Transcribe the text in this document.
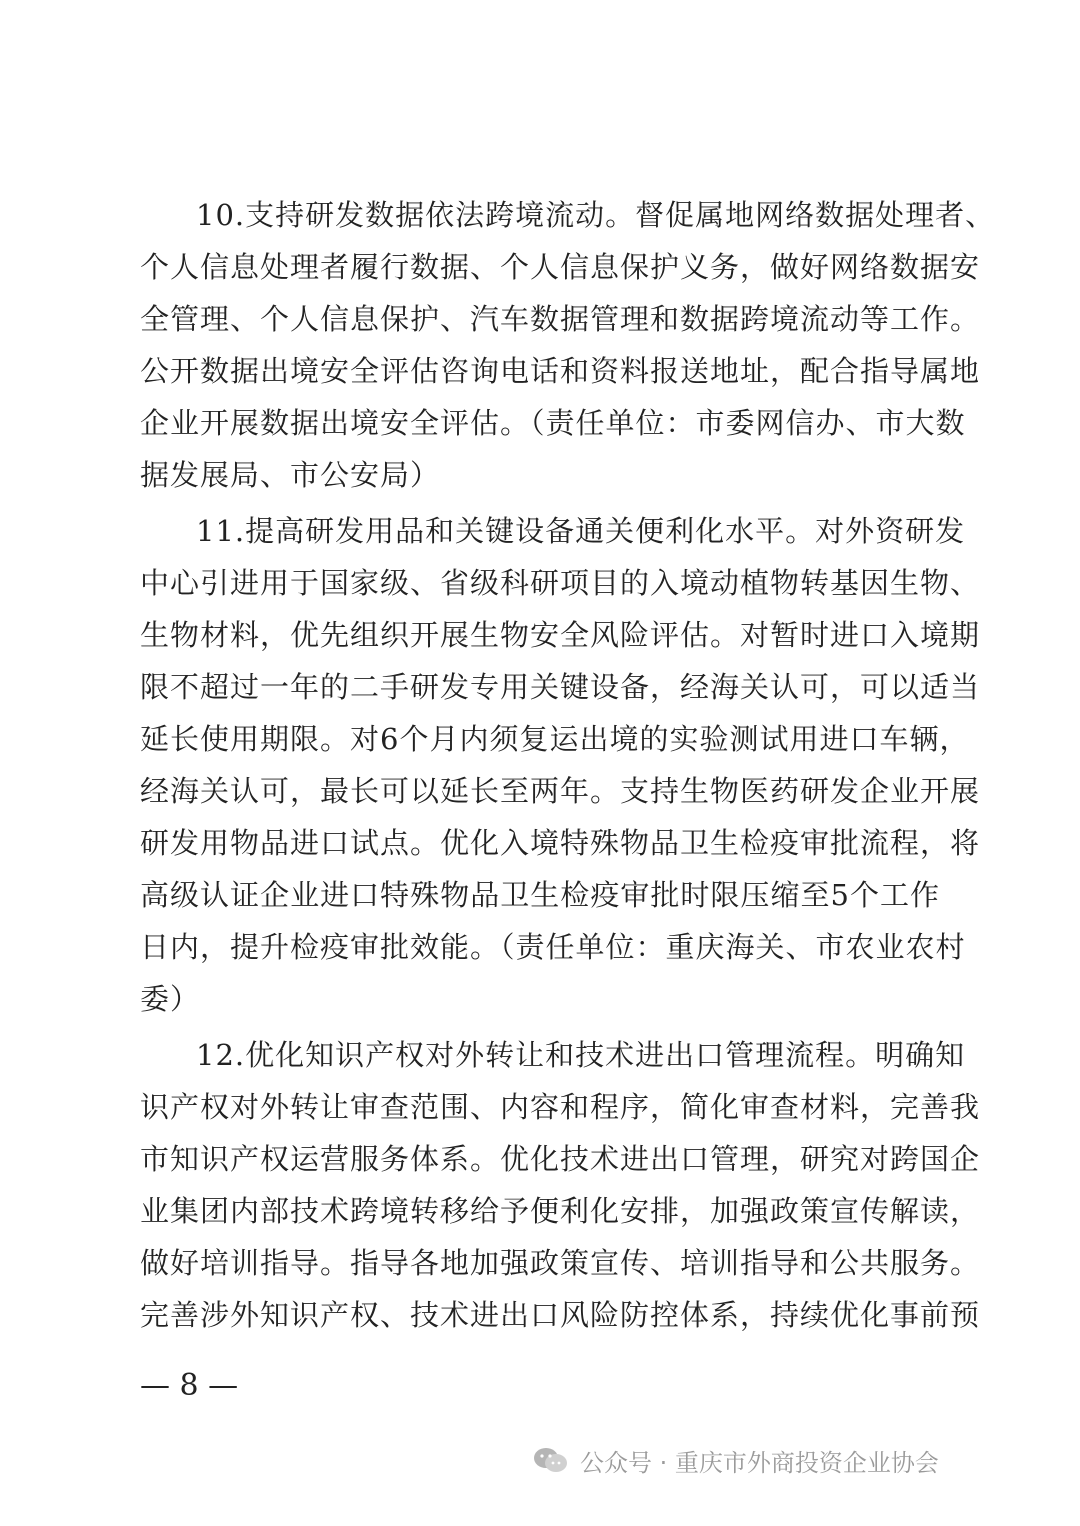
10.支持研发数据依法跨境流动。督促属地网络数据处理者、
个人信息处理者履行数据、个人信息保护义务，做好网络数据安
全管理、个人信息保护、汽车数据管理和数据跨境流动等工作。
公开数据出境安全评估咨询电话和资料报送地址，配合指导属地
企业开展数据出境安全评估。（责任单位：市委网信办、市大数
据发展局、市公安局）
11.提高研发用品和关键设备通关便利化水平。对外资研发
中心引进用于国家级、省级科研项目的入境动植物转基因生物、
生物材料，优先组织开展生物安全风险评估。对暂时进口入境期
限不超过一年的二手研发专用关键设备，经海关认可，可以适当
延长使用期限。对6个月内须复运出境的实验测试用进口车辆，
经海关认可，最长可以延长至两年。支持生物医药研发企业开展
研发用物品进口试点。优化入境特殊物品卫生检疫审批流程，将
高级认证企业进口特殊物品卫生检疫审批时限压缩至5个工作
日内，提升检疫审批效能。（责任单位：重庆海关、市农业农村
委）
12.优化知识产权对外转让和技术进出口管理流程。明确知
识产权对外转让审查范围、内容和程序，简化审查材料，完善我
市知识产权运营服务体系。优化技术进出口管理，研究对跨国企
业集团内部技术跨境转移给予便利化安排，加强政策宣传解读，
做好培训指导。指导各地加强政策宣传、培训指导和公共服务。
完善涉外知识产权、技术进出口风险防控体系，持续优化事前预
— 8 —
公众号 · 重庆市外商投资企业协会
